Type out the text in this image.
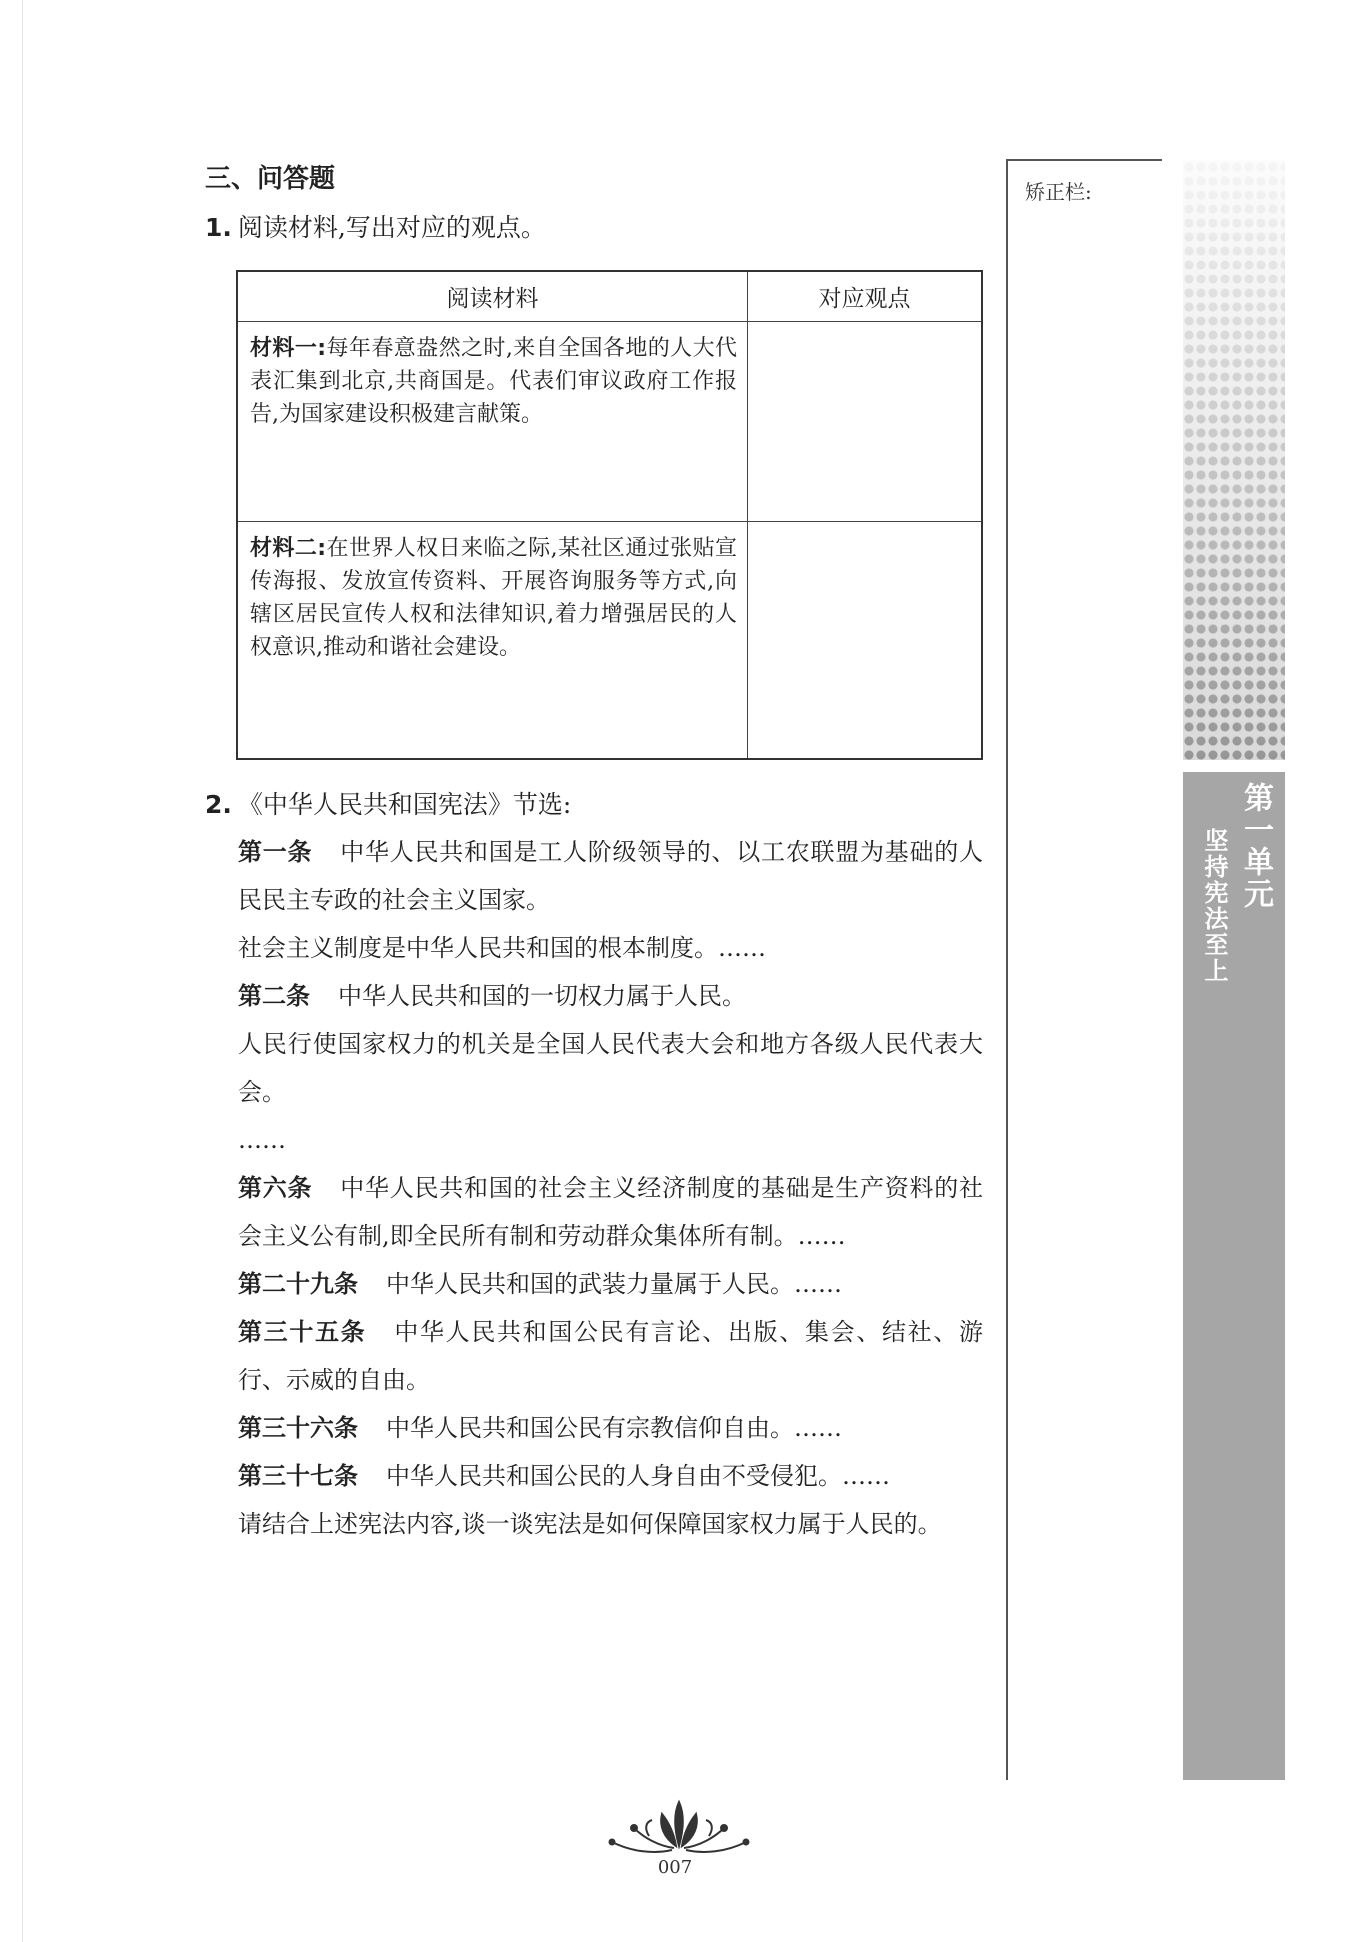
三、问答题
1. 阅读材料,写出对应的观点。
阅读材料	对应观点
材料一:每年春意盎然之时,来自全国各地的人大代表汇集到北京,共商国是。代表们审议政府工作报告,为国家建设积极建言献策。	
材料二:在世界人权日来临之际,某社区通过张贴宣传海报、发放宣传资料、开展咨询服务等方式,向辖区居民宣传人权和法律知识,着力增强居民的人权意识,推动和谐社会建设。	
2. 《中华人民共和国宪法》节选:

第一条 中华人民共和国是工人阶级领导的、以工农联盟为基础的人民民主专政的社会主义国家。

社会主义制度是中华人民共和国的根本制度。……

第二条 中华人民共和国的一切权力属于人民。

人民行使国家权力的机关是全国人民代表大会和地方各级人民代表大会。

……

第六条 中华人民共和国的社会主义经济制度的基础是生产资料的社会主义公有制,即全民所有制和劳动群众集体所有制。……

第二十九条 中华人民共和国的武装力量属于人民。……

第三十五条 中华人民共和国公民有言论、出版、集会、结社、游行、示威的自由。

第三十六条 中华人民共和国公民有宗教信仰自由。……

第三十七条 中华人民共和国公民的人身自由不受侵犯。……

请结合上述宪法内容,谈一谈宪法是如何保障国家权力属于人民的。

矫正栏:
第一单元
坚持宪法至上
007
